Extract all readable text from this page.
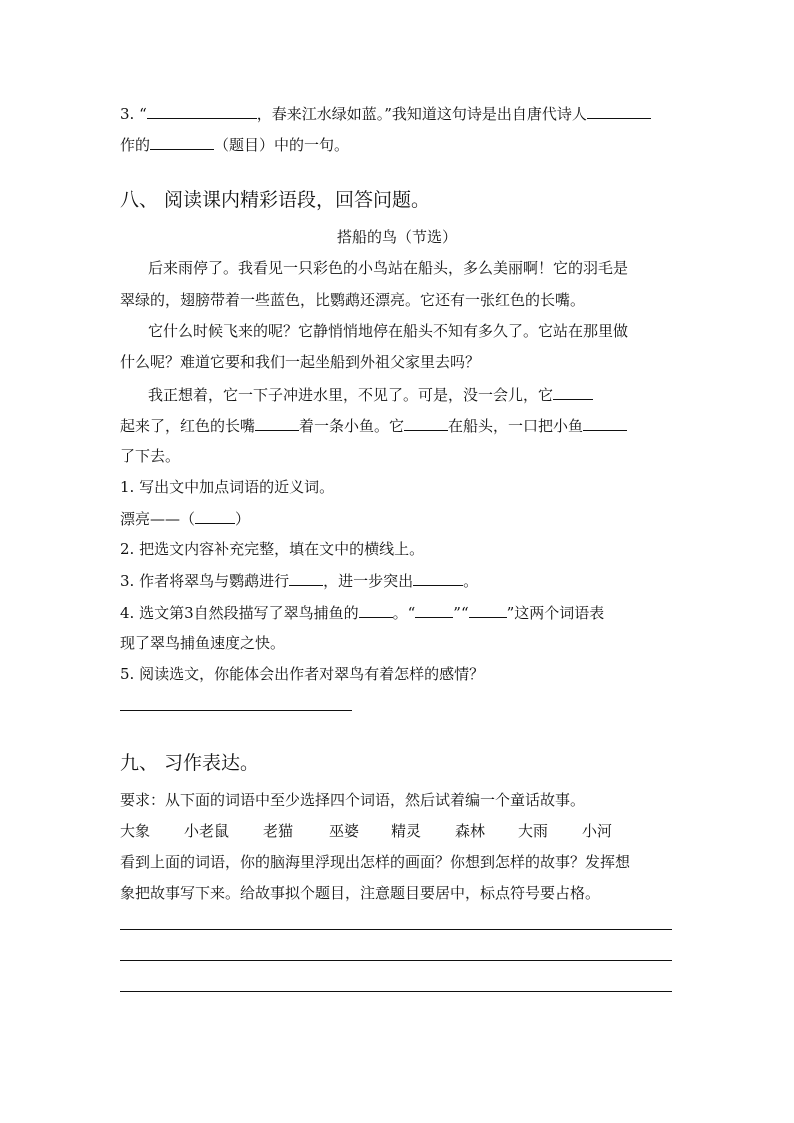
3. “	，春来江水绿如蓝。”我知道这句诗是出自唐代诗人
作的	（题目）中的一句。
八、 阅读课内精彩语段，回答问题。
搭船的鸟（节选）
后来雨停了。我看见一只彩色的小鸟站在船头，多么美丽啊！它的羽毛是
翠绿的，翅膀带着一些蓝色，比鹦鹉还漂亮。它还有一张红色的长嘴。
它什么时候飞来的呢？它静悄悄地停在船头不知有多久了。它站在那里做
什么呢？难道它要和我们一起坐船到外祖父家里去吗？
我正想着，它一下子冲进水里，不见了。可是，没一会儿，它
起来了，红色的长嘴	着一条小鱼。它	在船头，一口把小鱼
了下去。
1. 写出文中加点词语的近义词。
漂亮——（	）
2. 把选文内容补充完整，填在文中的横线上。
3. 作者将翠鸟与鹦鹉进行 ，进一步突出	。
4. 选文第3自然段描写了翠鸟捕鱼的 。“	”“	”这两个词语表
现了翠鸟捕鱼速度之快。
5. 阅读选文，你能体会出作者对翠鸟有着怎样的感情？
九、 习作表达。
要求：从下面的词语中至少选择四个词语，然后试着编一个童话故事。
大象 小老鼠 老猫 巫婆 精灵 森林 大雨 小河
看到上面的词语，你的脑海里浮现出怎样的画面？你想到怎样的故事？发挥想
象把故事写下来。给故事拟个题目，注意题目要居中，标点符号要占格。
